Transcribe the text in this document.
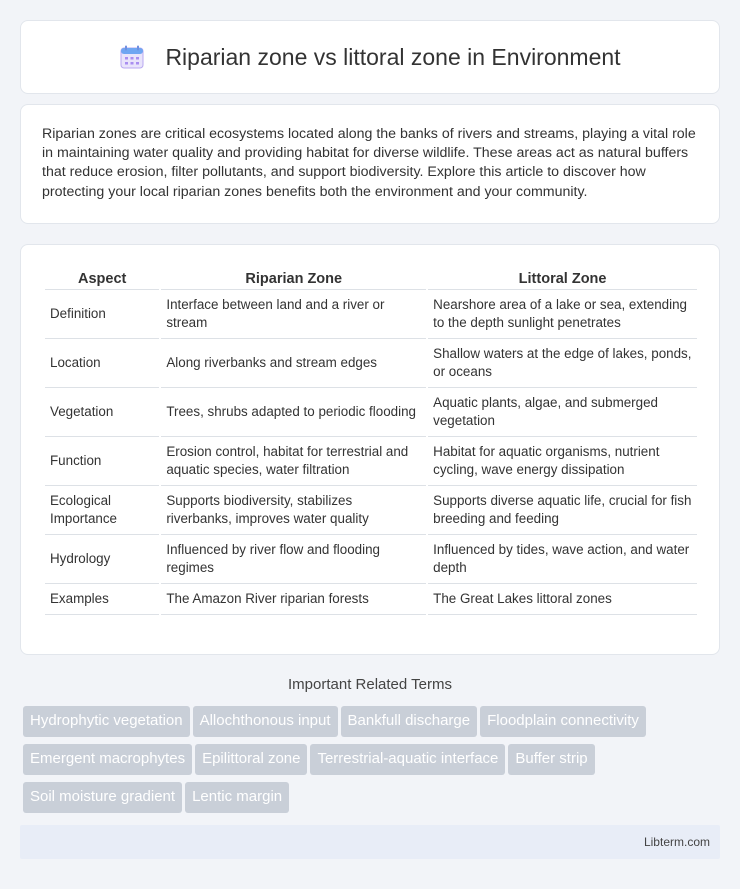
Riparian zone vs littoral zone in Environment

Riparian zones are critical ecosystems located along the banks of rivers and streams, playing a vital role in maintaining water quality and providing habitat for diverse wildlife. These areas act as natural buffers that reduce erosion, filter pollutants, and support biodiversity. Explore this article to discover how protecting your local riparian zones benefits both the environment and your community.

Aspect	Riparian Zone	Littoral Zone
Definition	Interface between land and a river or stream	Nearshore area of a lake or sea, extending to the depth sunlight penetrates
Location	Along riverbanks and stream edges	Shallow waters at the edge of lakes, ponds, or oceans
Vegetation	Trees, shrubs adapted to periodic flooding	Aquatic plants, algae, and submerged vegetation
Function	Erosion control, habitat for terrestrial and aquatic species, water filtration	Habitat for aquatic organisms, nutrient cycling, wave energy dissipation
Ecological Importance	Supports biodiversity, stabilizes riverbanks, improves water quality	Supports diverse aquatic life, crucial for fish breeding and feeding
Hydrology	Influenced by river flow and flooding regimes	Influenced by tides, wave action, and water depth
Examples	The Amazon River riparian forests	The Great Lakes littoral zones
Important Related Terms
Hydrophytic vegetation Allochthonous input Bankfull discharge Floodplain connectivityEmergent macrophytes Epilittoral zone Terrestrial-aquatic interface Buffer stripSoil moisture gradient Lentic margin
Libterm.com
